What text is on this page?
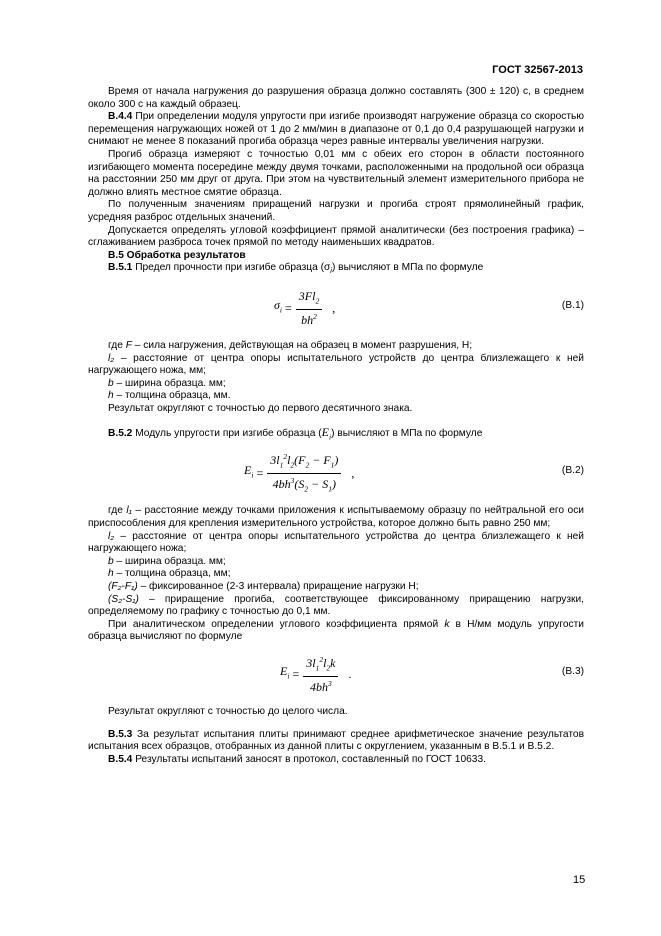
ГОСТ 32567-2013

Время от начала нагружения до разрушения образца должно составлять (300 ± 120) с, в среднем около 300 с на каждый образец.

В.4.4 При определении модуля упругости при изгибе производят нагружение образца со скоростью перемещения нагружающих ножей от 1 до 2 мм/мин в диапазоне от 0,1 до 0,4 разрушающей нагрузки и снимают не менее 8 показаний прогиба образца через равные интервалы увеличения нагрузки.

Прогиб образца измеряют с точностью 0,01 мм с обеих его сторон в области постоянного изгибающего момента посередине между двумя точками, расположенными на продольной оси образца на расстоянии 250 мм друг от друга. При этом на чувствительный элемент измерительного прибора не должно влиять местное смятие образца.

По полученным значениям приращений нагрузки и прогиба строят прямолинейный график, усредняя разброс отдельных значений.

Допускается определять угловой коэффициент прямой аналитически (без построения графика) – сглаживанием разброса точек прямой по методу наименьших квадратов.

В.5 Обработка результатов

В.5.1 Предел прочности при изгибе образца $(\sigma_i)$ вычисляют в МПа по формуле

$\sigma_i = \frac{3Fl_2}{bh^2}$ ,	(В.1)

где F – сила нагружения, действующая на образец в момент разрушения, Н;

l₂ – расстояние от центра опоры испытательного устройств до центра близлежащего к ней нагружающего ножа, мм;

b – ширина образца. мм;

h – толщина образца, мм.

Результат округляют с точностью до первого десятичного знака.

В.5.2 Модуль упругости при изгибе образца $(E_i)$ вычисляют в МПа по формуле

$E_i = \frac{3l_1^2l_2(F_2 - F_1)}{4bh^3(S_2 - S_1)}$ ,	(В.2)

где l₁ – расстояние между точками приложения к испытываемому образцу по нейтральной его оси приспособления для крепления измерительного устройства, которое должно быть равно 250 мм;

l₂ – расстояние от центра опоры испытательного устройства до центра близлежащего к ней нагружающего ножа;

b – ширина образца. мм;

h – толщина образца, мм;

(F₂-F₁) – фиксированное (2-3 интервала) приращение нагрузки Н;

(S₂-S₁) – приращение прогиба, соответствующее фиксированному приращению нагрузки, определяемому по графику с точностью до 0,1 мм.

При аналитическом определении углового коэффициента прямой k в Н/мм модуль упругости образца вычисляют по формуле

$E_i = \frac{3l_1^2l_2k}{4bh^3}$ .	(В.3)

Результат округляют с точностью до целого числа.

В.5.3 За результат испытания плиты принимают среднее арифметическое значение результатов испытания всех образцов, отобранных из данной плиты с округлением, указанным в В.5.1 и В.5.2.

В.5.4 Результаты испытаний заносят в протокол, составленный по ГОСТ 10633.

15
